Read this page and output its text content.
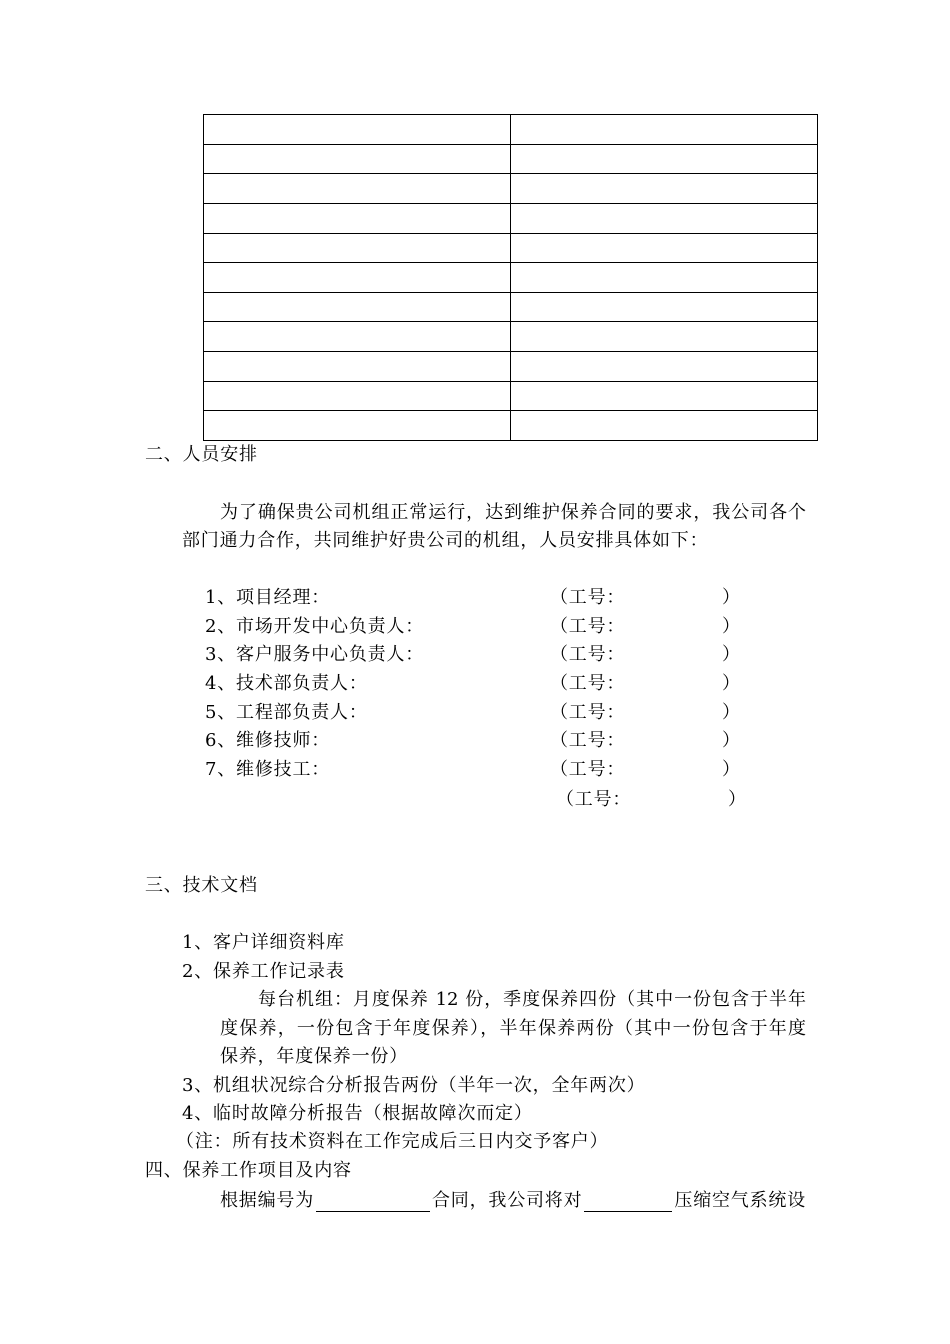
二、人员安排
为了确保贵公司机组正常运行，达到维护保养合同的要求，我公司各个
部门通力合作，共同维护好贵公司的机组，人员安排具体如下：
1、项目经理：	（工号：	）
2、市场开发中心负责人：	（工号：	）
3、客户服务中心负责人：	（工号：	）
4、技术部负责人：	（工号：	）
5、工程部负责人：	（工号：	）
6、维修技师：	（工号：	）
7、维修技工：	（工号：	）
（工号：	）
三、技术文档
1、客户详细资料库
2、保养工作记录表
每台机组：月度保养 12 份，季度保养四份（其中一份包含于半年
度保养，一份包含于年度保养），半年保养两份（其中一份包含于年度
保养，年度保养一份）
3、机组状况综合分析报告两份（半年一次，全年两次）
4、临时故障分析报告（根据故障次而定）
（注：所有技术资料在工作完成后三日内交予客户）
四、保养工作项目及内容
根据编号为	合同，我公司将对	压缩空气系统设
